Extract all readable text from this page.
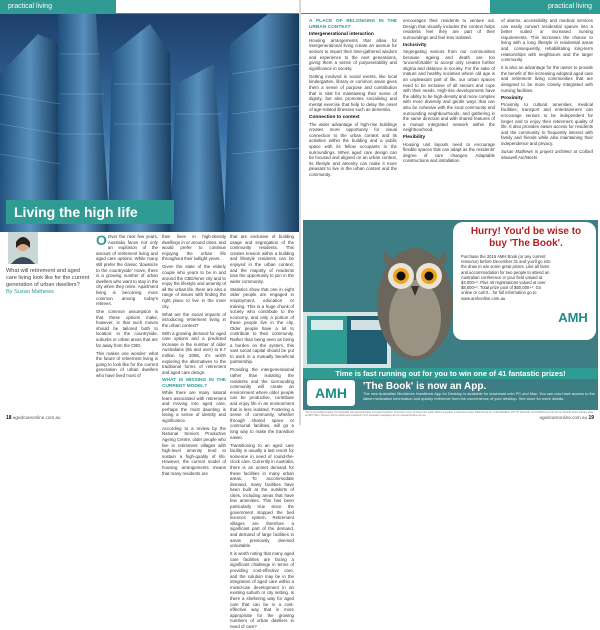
practical living
Living the high life
What will retirement and aged care living look like for the current generation of urban dwellers?
By Susan Mathews

O Over the next few years, Australia faces not only an explosion of the amount of retirement living and aged care options. While many still prefer the classic 'downsize to the countryside' move, there is a growing number of urban dwellers who want to stay in the city when they retire. Apartment living is becoming more common among today's retirees.

One common assumption is that these options make, however, is that such moves should be tailored both to location: in the countryside, suburbs or urban areas that are far away from the CBD.

This makes one wonder: what the future of retirement living is going to look like for the current generation of urban dwellers who have lived most of

their lives in high-density dwellings in or around cities, and would prefer to continue enjoying the urban life throughout their twilight years.

Given the state of the elderly couple who yearn to be in and around the CBD/inner city and to enjoy the lifestyle and amenity of all the urban life, there are also a range of issues with finding the right place to live in the inner city.

What are the social impacts of introducing retirement living in the urban context?

With a growing demand for aged care options and a predicted increase in the number of older Australians (65 and over) to 8.7 million by 2056, it's worth exploring the alternatives to the traditional forms of retirement and aged care design.

WHAT IS MISSING IN THE CURRENT MODEL?

While there are many natural fears associated with retirement and moving into aged care, perhaps the most daunting is losing a sense of identity and significance.

According to a review by the National Seniors Productive Ageing Centre, older people who live in retirement villages with high-level amenity tend to sustain a high-quality of life. However, the current model of housing arrangements means that many residents are

that are exclusive of building usage and segregation of the community residents. This creates tension within a building and lifestyle residents can be enjoyed in the urban context, and the majority of residents lose the opportunity to join in the wider community.

Statistics show that one in eight older people are engaged in employment, education or training. This is a huge chunk of society who contribute to the economy, and only a portion of these people live in the city. Older people have a lot to contribute to their community. Rather than being seen as being a burden on the system, this vast social capital should be put to work in a mutually beneficial partnership.

Providing the intergenerational rather than isolating the residents and the surrounding community will create an environment where older people can be productive, contribute and enjoy life in an environment that is less isolated. Fostering a sense of community, whether through shared space or communal facilities, will go a long way to make the transition easier.

Transitioning to an aged care facility is usually a last resort for someone in need of round-the-clock care. Currently in Australia, there is an unmet demand for these facilities in many urban areas. To accommodate demand, many facilities have been built at the outskirts of cities, including areas that have few amenities. This has been particularly true since the government stopped the bed licences system. Retirement villages are therefore a significant part of the demand, and demand of large facilities in areas previously deemed unsuitable.

It is worth noting that many aged care facilities are facing a significant challenge in terms of providing cost-effective care, and the solution may be in the integration of aged care within a mixed-use development in an existing suburb or city setting. Is there a sheltering way for aged care that can be in a cost-effective way that is more appropriate for the growing numbers of urban dwellers in need of care?

18 agedcareonline.com.au
practical living
A PLACE OF BELONGING IN THE URBAN CONTEXT
Intergenerational interaction

Housing arrangements that allow for intergenerational living create an avenue for seniors to impart their time-gathered wisdom and experience to the next generations, giving them a sense of purpose/ability and significance in society.

Getting involved in social events, like local kindergarten, library or common areas gives them a sense of purpose and contribution that is vital for maintaining their sense of dignity, but also promotes socialising and mental exercise that help to delay the onset of age-related illnesses such as dementia.

Connection to context

The wider advantage of high-rise buildings creates more opportunity for visual connection to the urban context and its activities within the building and a public space with its fellow occupants in the surroundings. When aged care design can be focused and aligned on an urban context, its lifestyle and amenity can make it more pleasant to live in the urban context and the community.

encourages their residents to venture out. Design that visually includes the context helps residents feel they are part of their surroundings and feel less isolated.

Inclusivity

Segregating seniors from our communities because ageing and death are too 'uncomfortable' to accept only creates further stigma and distance in society. For the sake of mature and healthy societies where old age is an unpleasant part of life, our urban spaces need to be inclusive of all seniors and cope with their needs. High-rise developments have the ability to be high-density and more complex with more diversity and gentle ways that can also be cohesive with the local community and surrounding neighbourhoods, and gathering in the same direction and with shared features of a mutual integrated network within the neighbourhood.

Flexibility

Housing unit layouts need to encourage flexible spaces that can adapt as the residents' degree of care changes. Adaptable constructions and installation

of alarms, accessibility and medical services can easily convert residential spaces into a better suited or increased nursing requirements. This increases the chance to living with a long lifestyle in residential areas and, consequently, rehabilitating long-term relationships with neighbours and the larger community.

It is also an advantage for the owner to provide the benefit of the increasing adopted aged care and retirement living communities that are designed to be more closely integrated with nursing facilities.

Proximity

Proximity to cultural amenities, medical facilities, transport and entertainment can encourage seniors to be independent for longer and to enjoy their retirement quality of life. It also provides easier access for residents and the community to frequently interact with family and friends while also maintaining their independence and privacy.

Susan Mathews is project architect at Collard Maxwell Architects.

Hurry! You'd be wise to buy 'The Book'.
Purchase the 2016 AMH Book (or any current resource) before December 31 and you'll go into the draw to win some great prizes. Like all fame and accommodation for two people to attend an Australian conference in your field valued at $4,000+*. Plus 40 registrations valued at over $8,000+*. Total prize pool of $60,000+*. Go online or call 0... for full information go to www.amhonline.com.au
AMH
Time is fast running out for you to win one of 41 fantastic prizes!
AMH 'The Book' is now an App.
The new Australian Medicines Handbook App for Desktop is available for download onto PC and Mac. You can now have access to the latest medication information and quickly reference from the convenience of your desktop. See store for more details.
*Terms & Conditions apply. For full details visit www.amhonline.com.au/competition. Promotion closes 31 December 2016. AMH Competition is authorised under NSW Permit No. LTPS/16/09876, ACT TP 16/12345, SA T16/5678 and VIC Permit 16/1234. Draw will take place at AMH Office. Winners will be notified and published in The Australian newspaper and on www.amhonline.com.au.	agedcareonline.com.au 19
